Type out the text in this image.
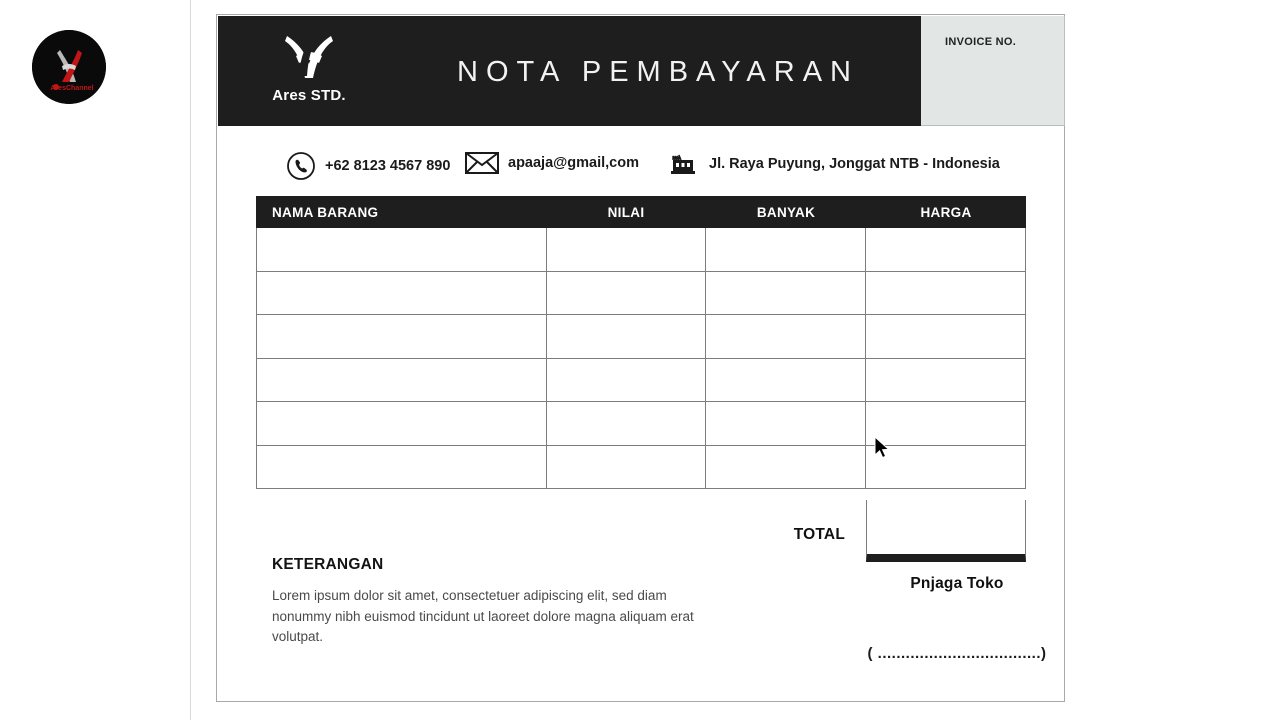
AresChannel	Ares STD.
NOTA PEMBAYARAN
INVOICE NO.
+62 8123 4567 890	apaaja@gmail,com	Jl. Raya Puyung, Jonggat NTB - Indonesia
NAMA BARANG	NILAI	BANYAK	HARGA
TOTAL
KETERANGAN

Lorem ipsum dolor sit amet, consectetuer adipiscing elit, sed diam nonummy nibh euismod tincidunt ut laoreet dolore magna aliquam erat volutpat.

Pnjaga Toko
( ...................................)
